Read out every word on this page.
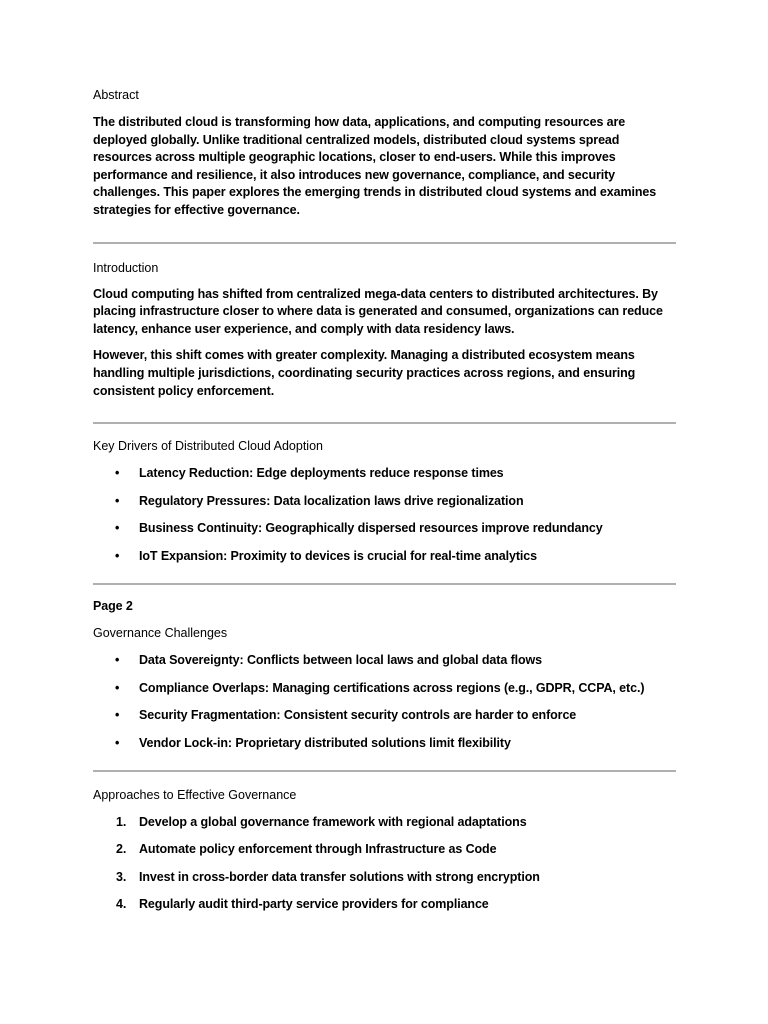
Abstract
The distributed cloud is transforming how data, applications, and computing resources are deployed globally. Unlike traditional centralized models, distributed cloud systems spread resources across multiple geographic locations, closer to end-users. While this improves performance and resilience, it also introduces new governance, compliance, and security challenges. This paper explores the emerging trends in distributed cloud systems and examines strategies for effective governance.
Introduction
Cloud computing has shifted from centralized mega-data centers to distributed architectures. By placing infrastructure closer to where data is generated and consumed, organizations can reduce latency, enhance user experience, and comply with data residency laws.
However, this shift comes with greater complexity. Managing a distributed ecosystem means handling multiple jurisdictions, coordinating security practices across regions, and ensuring consistent policy enforcement.
Key Drivers of Distributed Cloud Adoption
• Latency Reduction: Edge deployments reduce response times
• Regulatory Pressures: Data localization laws drive regionalization
• Business Continuity: Geographically dispersed resources improve redundancy
• IoT Expansion: Proximity to devices is crucial for real-time analytics
Page 2
Governance Challenges
• Data Sovereignty: Conflicts between local laws and global data flows
• Compliance Overlaps: Managing certifications across regions (e.g., GDPR, CCPA, etc.)
• Security Fragmentation: Consistent security controls are harder to enforce
• Vendor Lock-in: Proprietary distributed solutions limit flexibility
Approaches to Effective Governance
1. Develop a global governance framework with regional adaptations
2. Automate policy enforcement through Infrastructure as Code
3. Invest in cross-border data transfer solutions with strong encryption
4. Regularly audit third-party service providers for compliance
